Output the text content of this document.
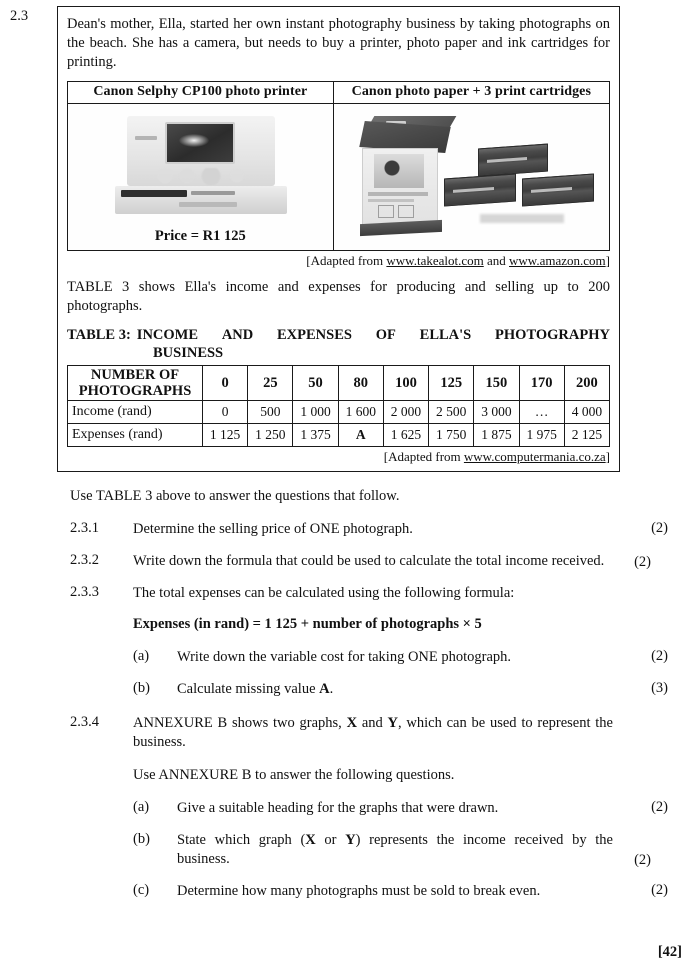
2.3	Dean's mother, Ella, started her own instant photography business by taking photographs on the beach. She has a camera, but needs to buy a printer, photo paper and ink cartridges for printing.

Canon Selphy CP100 photo printer	Canon photo paper + 3 print cartridges

Price = R1 125	

[Adapted from www.takealot.com and www.amazon.com]

TABLE 3 shows Ella's income and expenses for producing and selling up to 200 photographs.

TABLE 3: INCOME AND EXPENSES OF ELLA'S PHOTOGRAPHY
BUSINESS
NUMBER OF PHOTOGRAPHS	0	25	50	80	100	125	150	170	200
Income (rand)	0	500	1 000	1 600	2 000	2 500	3 000	…	4 000
Expenses (rand)	1 125	1 250	1 375	A	1 625	1 750	1 875	1 975	2 125

[Adapted from www.computermania.co.za]

Use TABLE 3 above to answer the questions that follow.
2.3.1	Determine the selling price of ONE photograph.	(2)
2.3.2	Write down the formula that could be used to calculate the total income received.	(2)
2.3.3	The total expenses can be calculated using the following formula:
Expenses (in rand) = 1 125 + number of photographs × 5
(a)	Write down the variable cost for taking ONE photograph.	(2)
(b)	Calculate missing value A.	(3)
2.3.4	ANNEXURE B shows two graphs, X and Y, which can be used to represent the business.
Use ANNEXURE B to answer the following questions.
(a)	Give a suitable heading for the graphs that were drawn.	(2)
(b)	State which graph (X or Y) represents the income received by the business.	(2)
(c)	Determine how many photographs must be sold to break even.	(2)
[42]
